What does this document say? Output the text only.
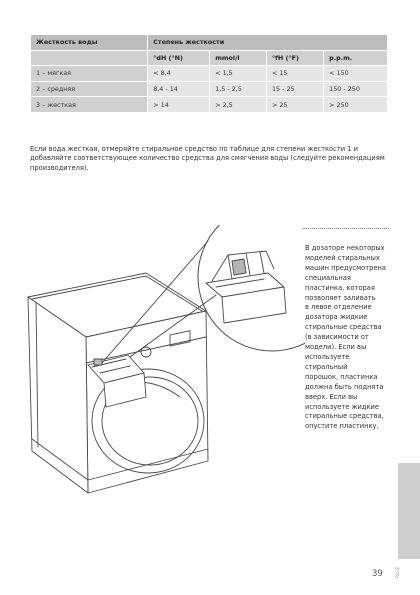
Жесткость воды	Степень жесткости			
	°dH (°N)	mmol/l	°fH (°F)	p.p.m.
1 – мягкая	< 8,4	< 1,5	< 15	< 150
2 – средняя	8,4 - 14	1,5 - 2,5	15 - 25	150 - 250
3 – жесткая	> 14	> 2,5	> 25	> 250

Если вода жесткая, отмеряйте стиральное средство по таблице для степени жесткости 1 и добавляйте соответствующее количество средства для смягчения воды (следуйте рекомендациям производителя).

В дозаторе некоторых
моделей стиральных
машин предусмотрена
специальная
пластинка, которая
позволяет заливать
в левое отделение
дозатора жидкие
стиральные средства
(в зависимости от
модели). Если вы
используете стиральный
порошок, пластинка
должна быть поднята
вверх. Если вы
используете жидкие
стиральные средства,
опустите пластинку.

RU-Z
39
